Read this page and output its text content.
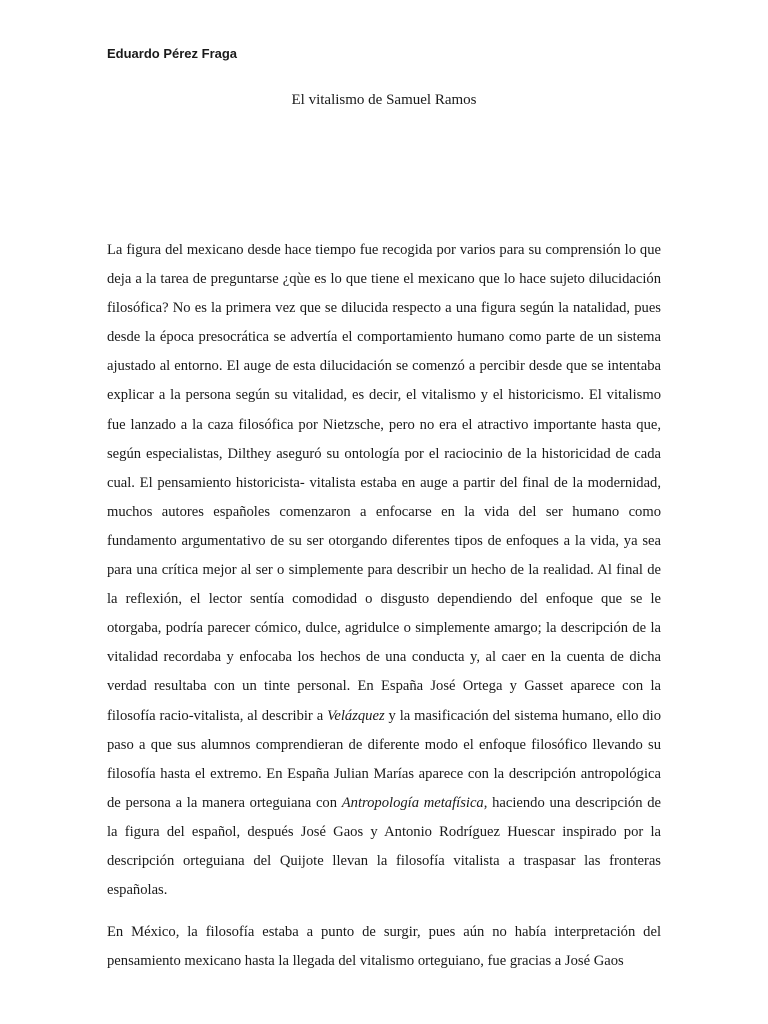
Eduardo Pérez Fraga
El vitalismo de Samuel Ramos

La figura del mexicano desde hace tiempo fue recogida por varios para su comprensión lo que deja a la tarea de preguntarse ¿qùe es lo que tiene el mexicano que lo hace sujeto dilucidación filosófica? No es la primera vez que se dilucida respecto a una figura según la natalidad, pues desde la época presocrática se advertía el comportamiento humano como parte de un sistema ajustado al entorno. El auge de esta dilucidación se comenzó a percibir desde que se intentaba explicar a la persona según su vitalidad, es decir, el vitalismo y el historicismo. El vitalismo fue lanzado a la caza filosófica por Nietzsche, pero no era el atractivo importante hasta que, según especialistas, Dilthey aseguró su ontología por el raciocinio de la historicidad de cada cual. El pensamiento historicista- vitalista estaba en auge a partir del final de la modernidad, muchos autores españoles comenzaron a enfocarse en la vida del ser humano como fundamento argumentativo de su ser otorgando diferentes tipos de enfoques a la vida, ya sea para una crítica mejor al ser o simplemente para describir un hecho de la realidad. Al final de la reflexión, el lector sentía comodidad o disgusto dependiendo del enfoque que se le otorgaba, podría parecer cómico, dulce, agridulce o simplemente amargo; la descripción de la vitalidad recordaba y enfocaba los hechos de una conducta y, al caer en la cuenta de dicha verdad resultaba con un tinte personal. En España José Ortega y Gasset aparece con la filosofía racio-vitalista, al describir a Velázquez y la masificación del sistema humano, ello dio paso a que sus alumnos comprendieran de diferente modo el enfoque filosófico llevando su filosofía hasta el extremo. En España Julian Marías aparece con la descripción antropológica de persona a la manera orteguiana con Antropología metafísica, haciendo una descripción de la figura del español, después José Gaos y Antonio Rodríguez Huescar inspirado por la descripción orteguiana del Quijote llevan la filosofía vitalista a traspasar las fronteras españolas.

En México, la filosofía estaba a punto de surgir, pues aún no había interpretación del pensamiento mexicano hasta la llegada del vitalismo orteguiano, fue gracias a José Gaos
